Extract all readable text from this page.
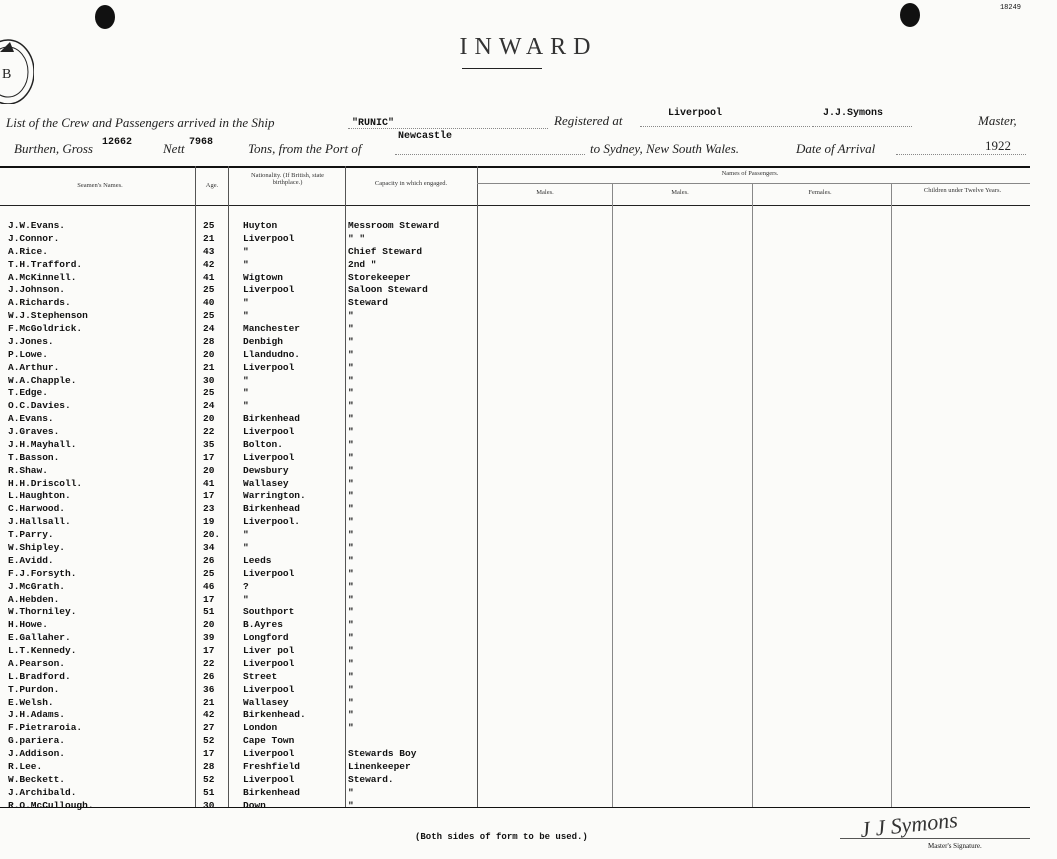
B
18249
INWARD
List of the Crew and Passengers arrived in the Ship	"RUNIC"	Registered at	Liverpool	J.J.Symons	Master,
Burthen, Gross 12662 Nett 7968	Tons, from the Port of
Newcastle
to Sydney, New South Wales.	Date of Arrival	1922
Seamen's Names.	Age.
Nationality. (If British, state birthplace.)	Capacity in which engaged.
Names of Passengers.
Males.	Males.	Females.	Children under Twelve Years.
J.W.Evans.	25	Huyton	Messroom Steward
J.Connor.	21	Liverpool	" "
A.Rice.	43	"	Chief Steward
T.H.Trafford.	42	"	2nd "
A.McKinnell.	41	Wigtown	Storekeeper
J.Johnson.	25	Liverpool	Saloon Steward
A.Richards.	40	"	Steward
W.J.Stephenson	25	"	"
F.McGoldrick.	24	Manchester	"
J.Jones.	28	Denbigh	"
P.Lowe.	20	Llandudno.	"
A.Arthur.	21	Liverpool	"
W.A.Chapple.	30	"	"
T.Edge.	25	"	"
O.C.Davies.	24	"	"
A.Evans.	20	Birkenhead	"
J.Graves.	22	Liverpool	"
J.H.Mayhall.	35	Bolton.	"
T.Basson.	17	Liverpool	"
R.Shaw.	20	Dewsbury	"
H.H.Driscoll.	41	Wallasey	"
L.Haughton.	17	Warrington.	"
C.Harwood.	23	Birkenhead	"
J.Hallsall.	19	Liverpool.	"
T.Parry.	20. "	"
W.Shipley.	34	"	"
E.Avidd.	26	Leeds	"
F.J.Forsyth.	25	Liverpool	"
J.McGrath.	46	?	"
A.Hebden.	17	"	"
W.Thorniley.	51	Southport	"
H.Howe.	20	B.Ayres	"
E.Gallaher.	39	Longford	"
L.T.Kennedy.	17	Liver pol	"
A.Pearson.	22	Liverpool	"
L.Bradford.	26	Street	"
T.Purdon.	36	Liverpool	"
E.Welsh.	21	Wallasey	"
J.H.Adams.	42	Birkenhead.	"
F.Pietraroia.	27	London	"
G.pariera.	52	Cape Town
J.Addison.	17	Liverpool	Stewards Boy
R.Lee.	28	Freshfield	Linenkeeper
W.Beckett.	52	Liverpool	Steward.
J.Archibald.	51	Birkenhead	"
R.O.McCullough.	30	Down	"
(Both sides of form to be used.)	J J Symons
Master's Signature.
